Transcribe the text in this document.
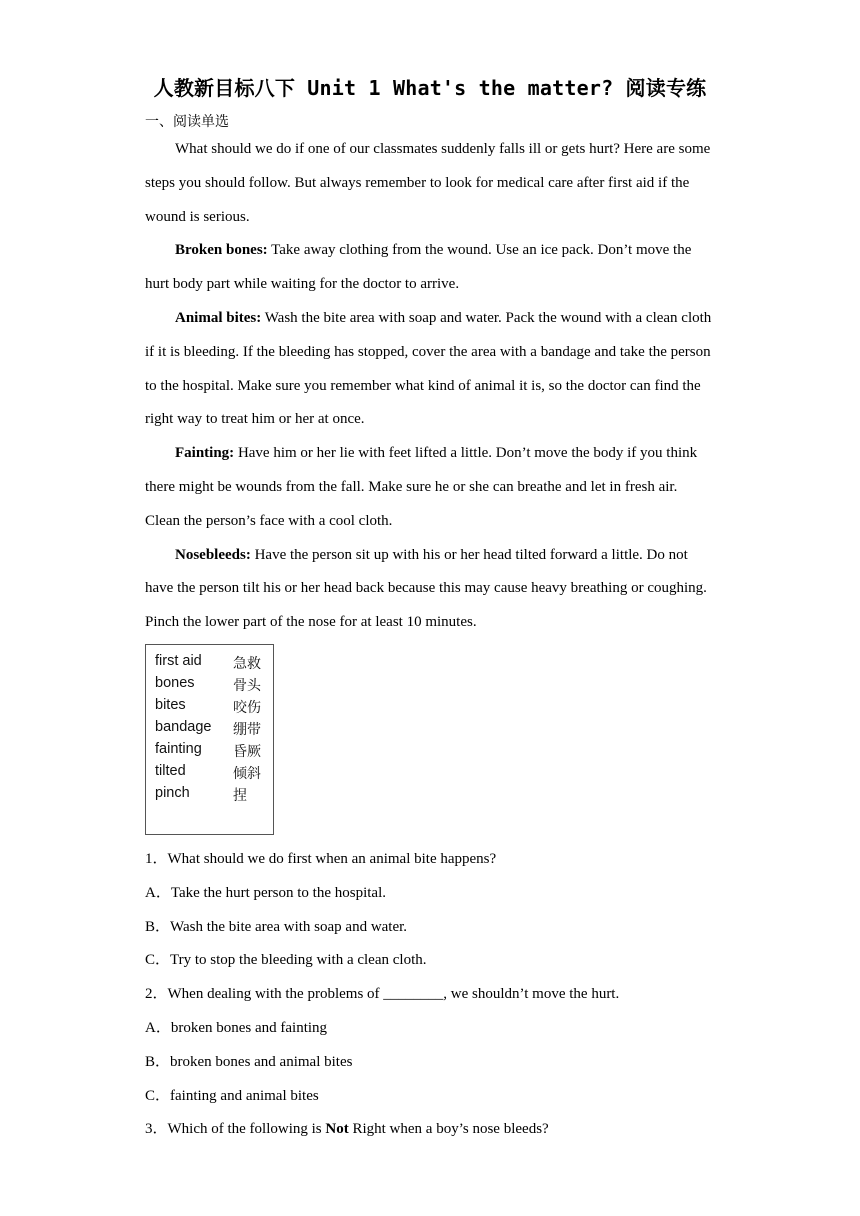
人教新目标八下 Unit 1 What's the matter? 阅读专练
一、阅读单选

What should we do if one of our classmates suddenly falls ill or gets hurt? Here are some steps you should follow. But always remember to look for medical care after first aid if the wound is serious.

Broken bones: Take away clothing from the wound. Use an ice pack. Don’t move the hurt body part while waiting for the doctor to arrive.

Animal bites: Wash the bite area with soap and water. Pack the wound with a clean cloth if it is bleeding. If the bleeding has stopped, cover the area with a bandage and take the person to the hospital. Make sure you remember what kind of animal it is, so the doctor can find the right way to treat him or her at once.

Fainting: Have him or her lie with feet lifted a little. Don’t move the body if you think there might be wounds from the fall. Make sure he or she can breathe and let in fresh air. Clean the person’s face with a cool cloth.

Nosebleeds: Have the person sit up with his or her head tilted forward a little. Do not have the person tilt his or her head back because this may cause heavy breathing or coughing. Pinch the lower part of the nose for at least 10 minutes.

first aid 急救
bones	骨头
bites	咬伤
bandage 绷带
fainting 昏厥
tilted	倾斜
pinch	捏
1．What should we do first when an animal bite happens?
A．Take the hurt person to the hospital.
B．Wash the bite area with soap and water.
C．Try to stop the bleeding with a clean cloth.
2．When dealing with the problems of ________, we shouldn’t move the hurt.
A．broken bones and fainting
B．broken bones and animal bites
C．fainting and animal bites
3．Which of the following is Not Right when a boy’s nose bleeds?
